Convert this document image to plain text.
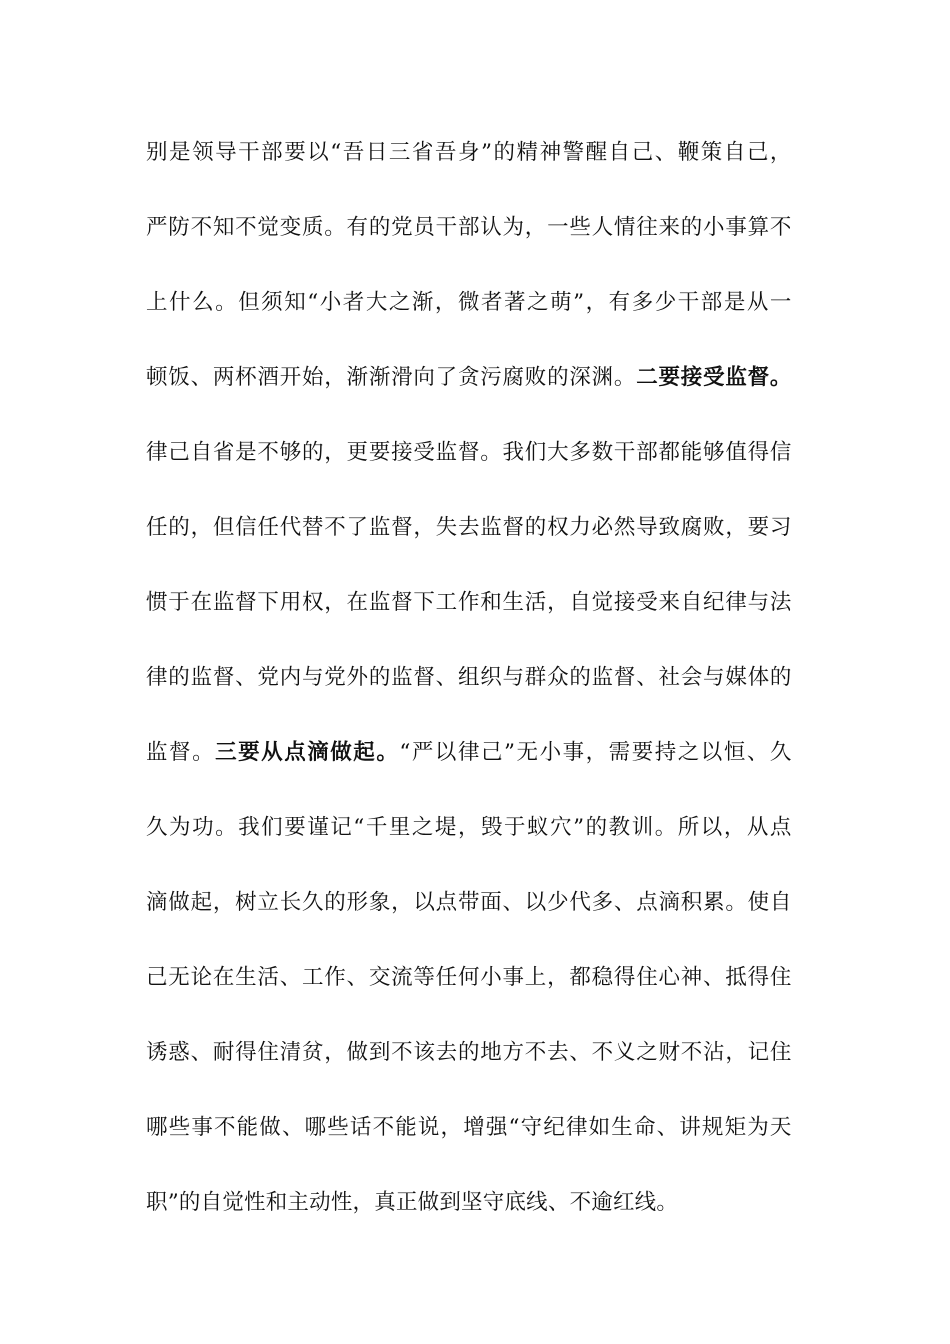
别 是 领 导 干 部 要 以 “ 吾 日 三 省 吾 身 ” 的 精 神 警 醒 自 己 、 鞭 策 自 己 ，
严 防 不 知 不 觉 变 质 。 有 的 党 员 干 部 认 为 ， 一 些 人 情 往 来 的 小 事 算 不
上 什 么 。 但 须 知 “ 小 者 大 之 渐 ， 微 者 著 之 萌 ” ， 有 多 少 干 部 是 从 一
顿 饭 、 两 杯 酒 开 始 ， 渐 渐 滑 向 了 贪 污 腐 败 的 深 渊 。 二 要 接 受 监 督 。
律 己 自 省 是 不 够 的 ， 更 要 接 受 监 督 。 我 们 大 多 数 干 部 都 能 够 值 得 信
任 的 ， 但 信 任 代 替 不 了 监 督 ， 失 去 监 督 的 权 力 必 然 导 致 腐 败 ， 要 习
惯 于 在 监 督 下 用 权 ， 在 监 督 下 工 作 和 生 活 ， 自 觉 接 受 来 自 纪 律 与 法
律 的 监 督 、 党 内 与 党 外 的 监 督 、 组 织 与 群 众 的 监 督 、 社 会 与 媒 体 的
监 督 。 三 要 从 点 滴 做 起 。 “ 严 以 律 己 ” 无 小 事 ， 需 要 持 之 以 恒 、 久
久 为 功 。 我 们 要 谨 记 “ 千 里 之 堤 ， 毁 于 蚁 穴 ” 的 教 训 。 所 以 ， 从 点
滴 做 起 ， 树 立 长 久 的 形 象 ， 以 点 带 面 、 以 少 代 多 、 点 滴 积 累 。 使 自
己 无 论 在 生 活 、 工 作 、 交 流 等 任 何 小 事 上 ， 都 稳 得 住 心 神 、 抵 得 住
诱 惑 、 耐 得 住 清 贫 ， 做 到 不 该 去 的 地 方 不 去 、 不 义 之 财 不 沾 ， 记 住
哪 些 事 不 能 做 、 哪 些 话 不 能 说 ， 增 强 “ 守 纪 律 如 生 命 、 讲 规 矩 为 天
职 ” 的 自 觉 性 和 主 动 性 ， 真 正 做 到 坚 守 底 线 、 不 逾 红 线 。
